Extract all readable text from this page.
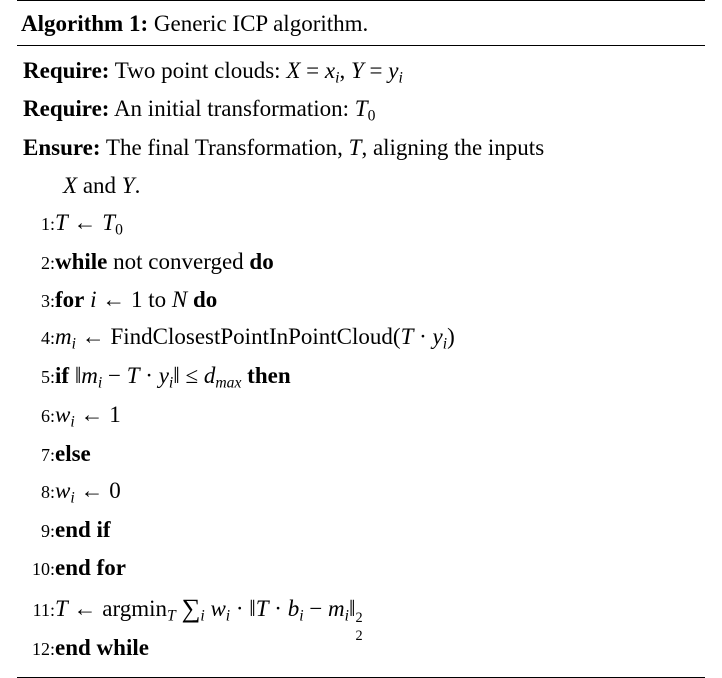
Algorithm 1: Generic ICP algorithm.
Require: Two point clouds: $X = x_i$, $Y = y_i$
Require: An initial transformation: $T_0$
Ensure: The final Transformation, T, aligning the inputs
X and Y.
1:	T ← $T_0$
2:	while not converged do
3:	for i ← 1 to N do
4:	$m_i$ ← FindClosestPointInPointCloud(T · $y_i$)
5:	if $‖m_i - T$ · $y_i‖ \le d_{max}$ then
6:	$w_i$ ← 1
7:	else
8:	$w_i$ ← 0
9:	end if
10:	end for
11:	T ← argmin$_T$ $\sum_i$ $w_i$ · ‖T · $b_i$ − $m_i‖$ 2
2

12:	end while
